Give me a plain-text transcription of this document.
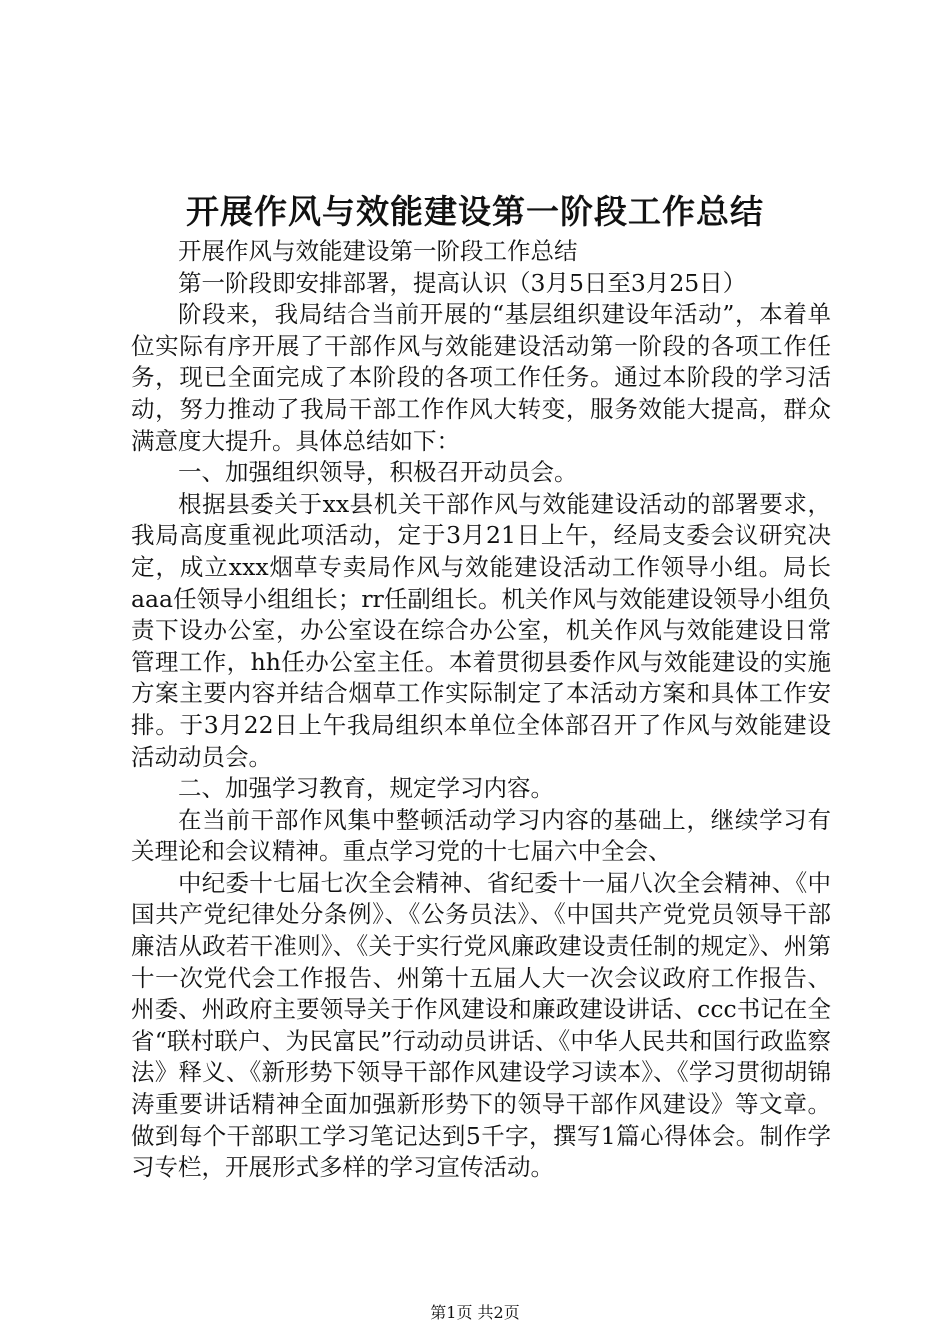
开展作风与效能建设第一阶段工作总结

开展作风与效能建设第一阶段工作总结

第一阶段即安排部署，提高认识（3月5日至3月25日）

阶段来，我局结合当前开展的“基层组织建设年活动”，本着单位实际有序开展了干部作风与效能建设活动第一阶段的各项工作任务，现已全面完成了本阶段的各项工作任务。通过本阶段的学习活动，努力推动了我局干部工作作风大转变，服务效能大提高，群众满意度大提升。具体总结如下：

一、加强组织领导，积极召开动员会。

根据县委关于xx县机关干部作风与效能建设活动的部署要求，我局高度重视此项活动，定于3月21日上午，经局支委会议研究决定，成立xxx烟草专卖局作风与效能建设活动工作领导小组。局长aaa任领导小组组长；rr任副组长。机关作风与效能建设领导小组负责下设办公室，办公室设在综合办公室，机关作风与效能建设日常管理工作，hh任办公室主任。本着贯彻县委作风与效能建设的实施方案主要内容并结合烟草工作实际制定了本活动方案和具体工作安排。于3月22日上午我局组织本单位全体部召开了作风与效能建设活动动员会。

二、加强学习教育，规定学习内容。

在当前干部作风集中整顿活动学习内容的基础上，继续学习有关理论和会议精神。重点学习党的十七届六中全会、

中纪委十七届七次全会精神、省纪委十一届八次全会精神、《中国共产党纪律处分条例》、《公务员法》、《中国共产党党员领导干部廉洁从政若干准则》、《关于实行党风廉政建设责任制的规定》、州第十一次党代会工作报告、州第十五届人大一次会议政府工作报告、州委、州政府主要领导关于作风建设和廉政建设讲话、ccc书记在全省“联村联户、为民富民”行动动员讲话、《中华人民共和国行政监察法》释义、《新形势下领导干部作风建设学习读本》、《学习贯彻胡锦涛重要讲话精神全面加强新形势下的领导干部作风建设》等文章。做到每个干部职工学习笔记达到5千字，撰写1篇心得体会。制作学习专栏，开展形式多样的学习宣传活动。

第1页 共2页
